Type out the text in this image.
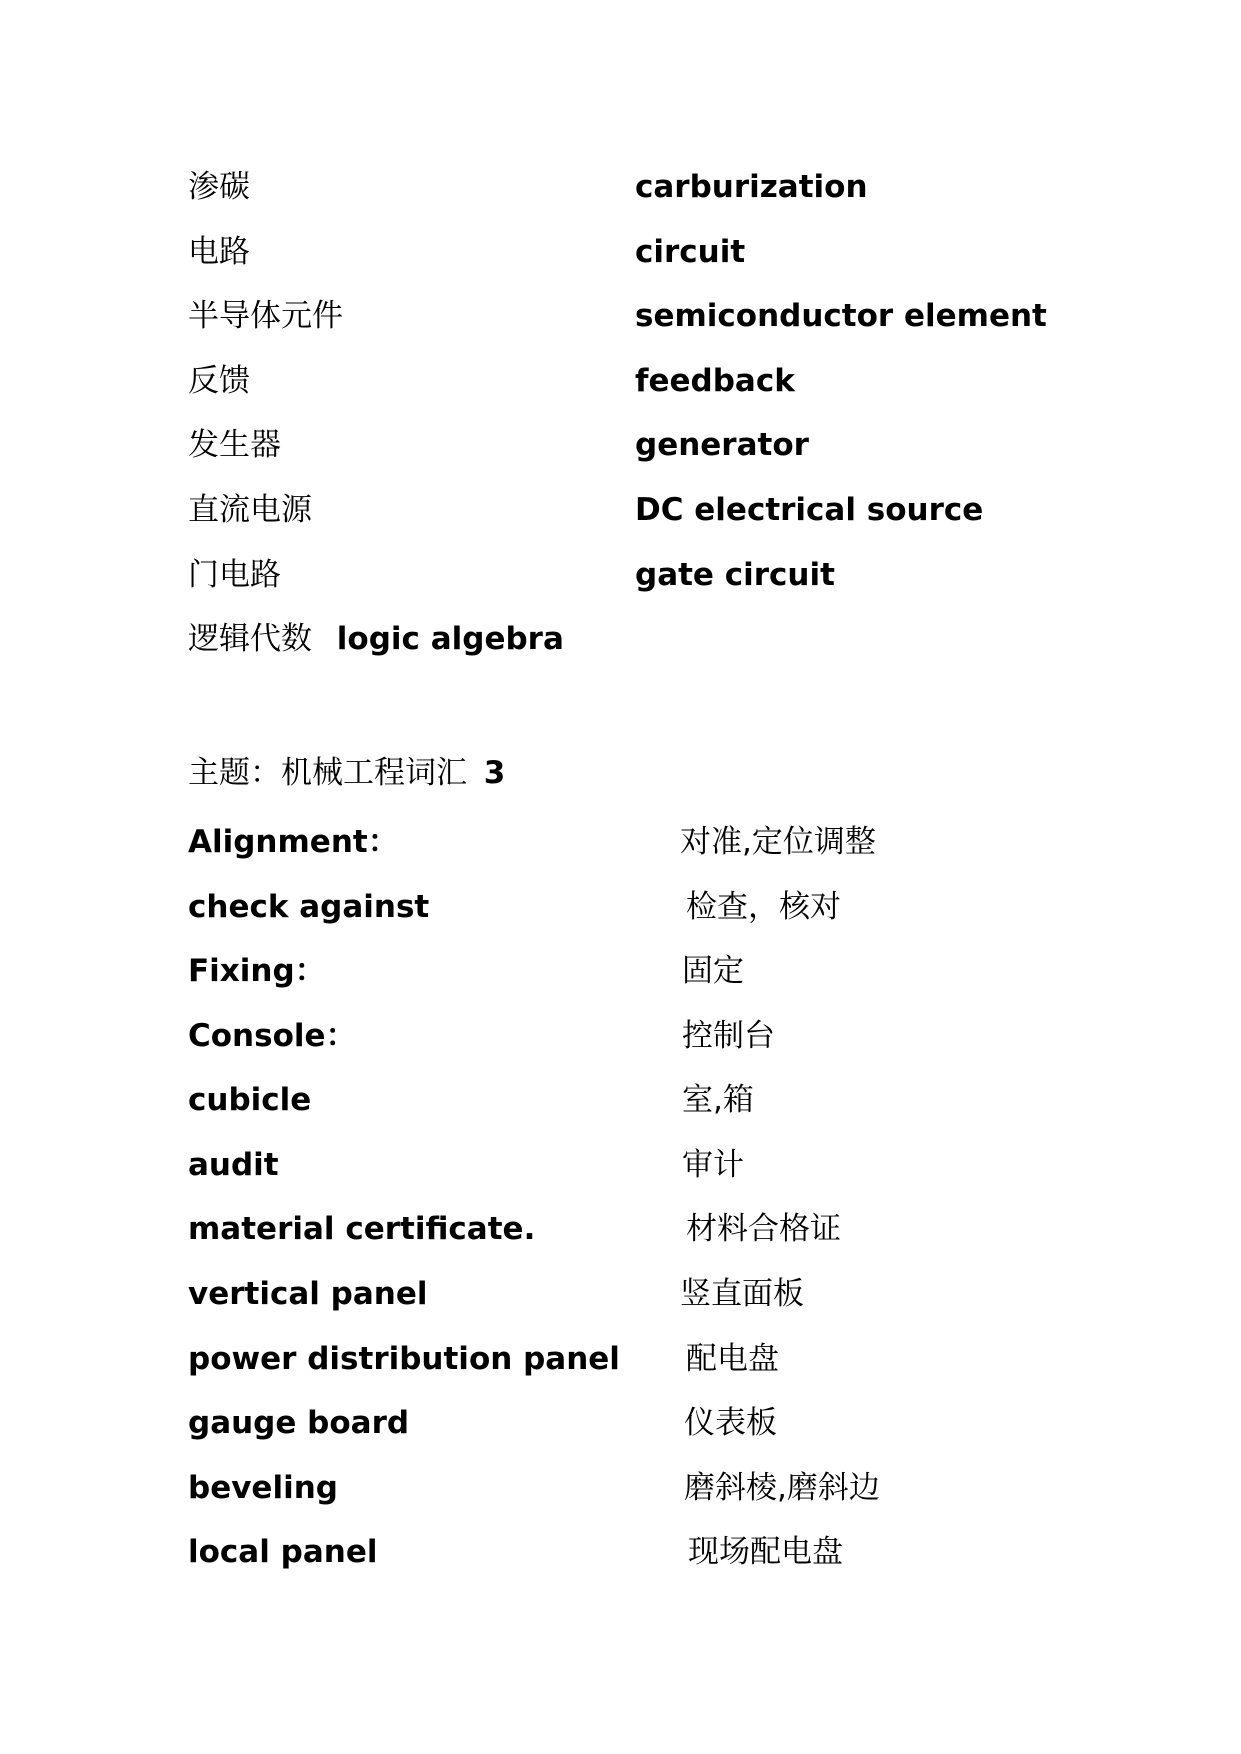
渗碳	carburization
电路	circuit
半导体元件	semiconductor element
反馈	feedback
发生器	generator
直流电源	DC electrical source
门电路	gate circuit
逻辑代数 logic algebra
主题：机械工程词汇 3
Alignment：	对准,定位调整
check against	检查，核对
Fixing：	固定
Console：	控制台
cubicle	室,箱
audit	审计
material certificate.	材料合格证
vertical panel	竖直面板
power distribution panel 配电盘
gauge board	仪表板
beveling	磨斜棱,磨斜边
local panel	现场配电盘
